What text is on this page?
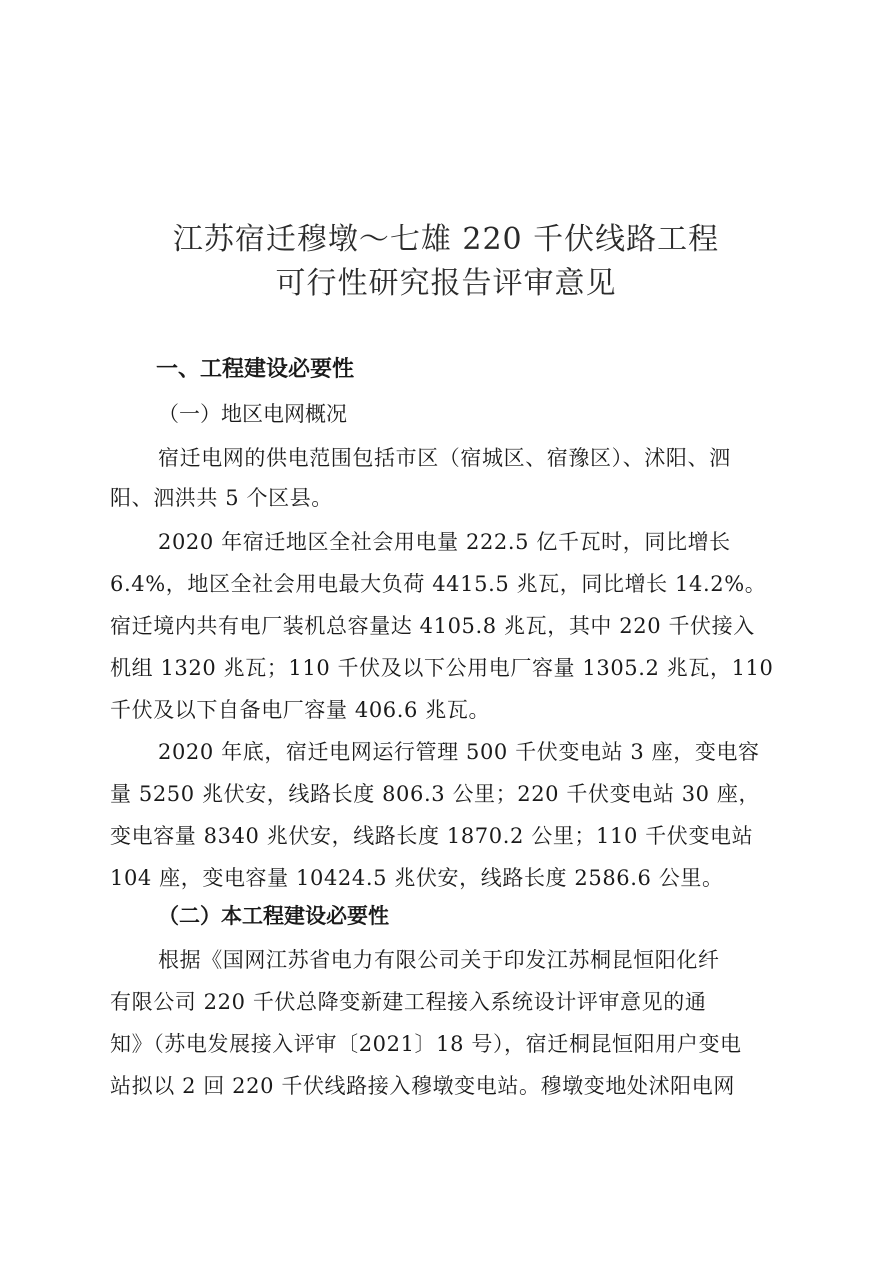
江苏宿迁穆墩～七雄 220 千伏线路工程
可行性研究报告评审意见
一、工程建设必要性
（一）地区电网概况
宿迁电网的供电范围包括市区（宿城区、宿豫区）、沭阳、泗
阳、泗洪共 5 个区县。
2020 年宿迁地区全社会用电量 222.5 亿千瓦时，同比增长
6.4%，地区全社会用电最大负荷 4415.5 兆瓦，同比增长 14.2%。
宿迁境内共有电厂装机总容量达 4105.8 兆瓦，其中 220 千伏接入
机组 1320 兆瓦；110 千伏及以下公用电厂容量 1305.2 兆瓦，110
千伏及以下自备电厂容量 406.6 兆瓦。
2020 年底，宿迁电网运行管理 500 千伏变电站 3 座，变电容
量 5250 兆伏安，线路长度 806.3 公里；220 千伏变电站 30 座，
变电容量 8340 兆伏安，线路长度 1870.2 公里；110 千伏变电站
104 座，变电容量 10424.5 兆伏安，线路长度 2586.6 公里。
（二）本工程建设必要性
根据《国网江苏省电力有限公司关于印发江苏桐昆恒阳化纤
有限公司 220 千伏总降变新建工程接入系统设计评审意见的通
知》（苏电发展接入评审〔2021〕18 号），宿迁桐昆恒阳用户变电
站拟以 2 回 220 千伏线路接入穆墩变电站。穆墩变地处沭阳电网
